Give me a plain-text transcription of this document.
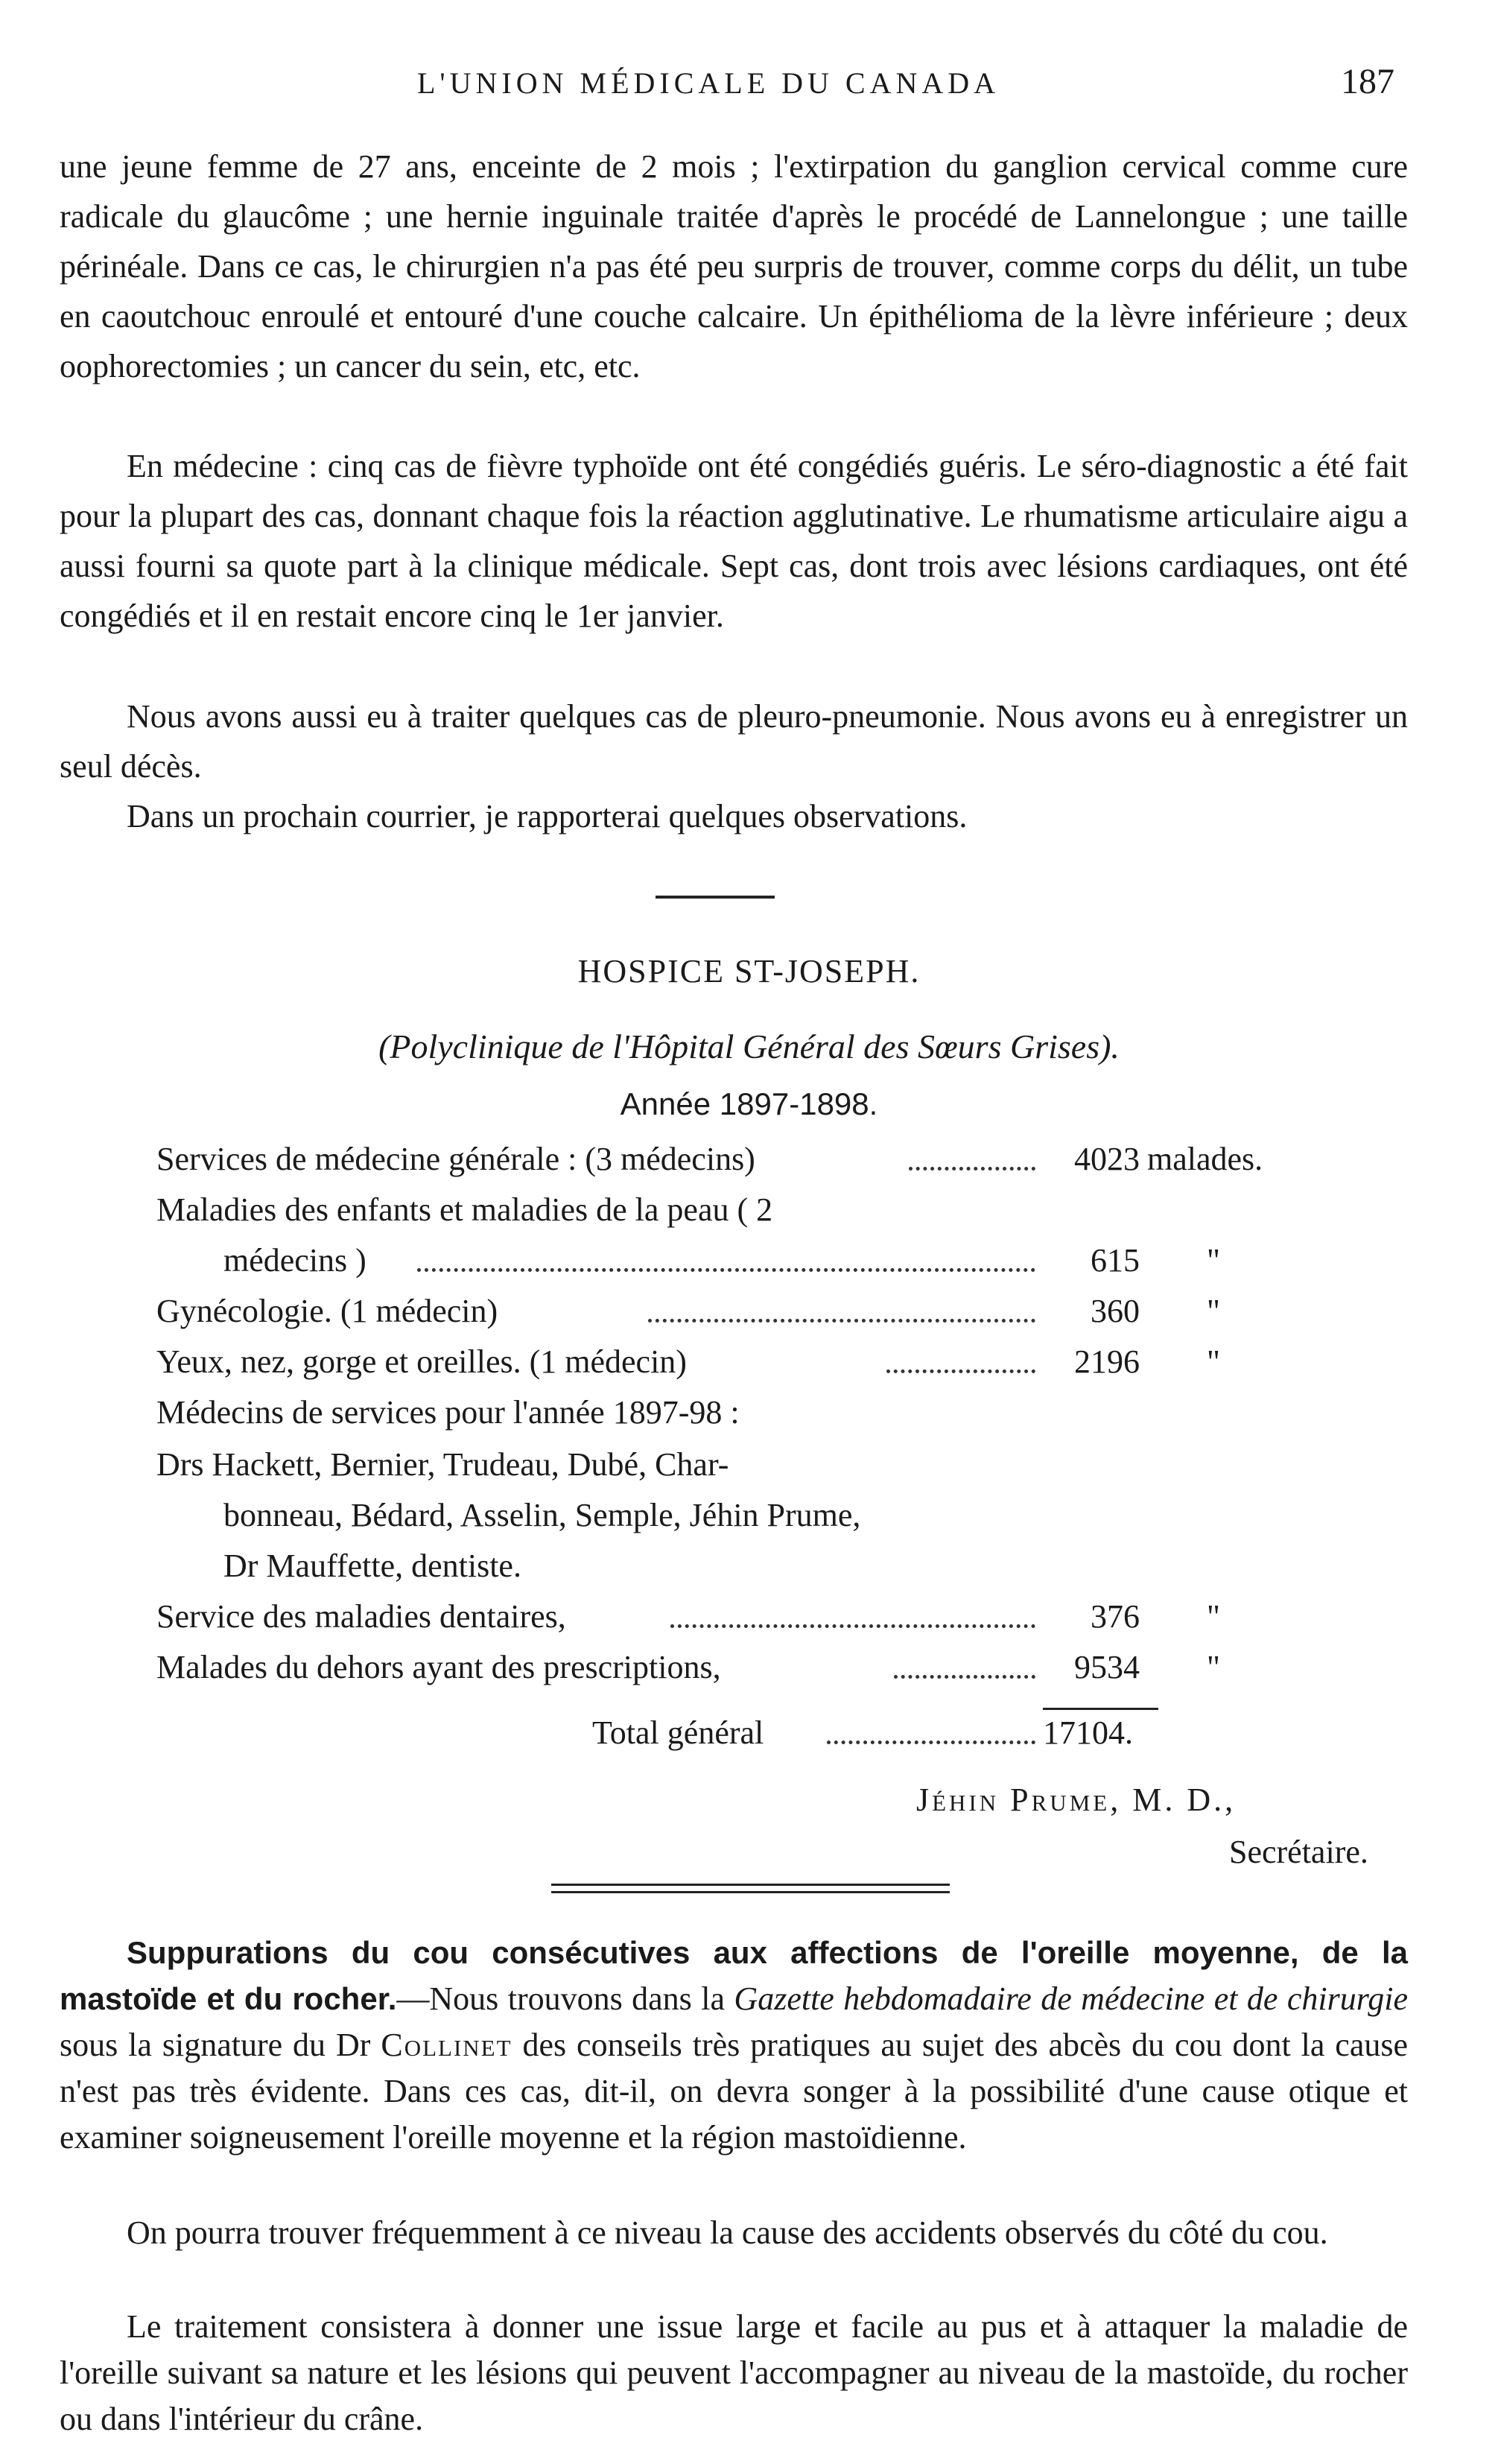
L'UNION MÉDICALE DU CANADA	187

une jeune femme de 27 ans, enceinte de 2 mois ; l'extirpation du ganglion cervical comme cure radicale du glaucôme ; une hernie inguinale traitée d'après le procédé de Lannelongue ; une taille périnéale. Dans ce cas, le chirurgien n'a pas été peu surpris de trouver, comme corps du délit, un tube en caoutchouc enroulé et entouré d'une couche calcaire. Un épithélioma de la lèvre inférieure ; deux oophorectomies ; un cancer du sein, etc, etc.

En médecine : cinq cas de fièvre typhoïde ont été congédiés guéris. Le séro-diagnostic a été fait pour la plupart des cas, donnant chaque fois la réaction agglutinative. Le rhumatisme articulaire aigu a aussi fourni sa quote part à la clinique médicale. Sept cas, dont trois avec lésions cardiaques, ont été congédiés et il en restait encore cinq le 1er janvier.

Nous avons aussi eu à traiter quelques cas de pleuro-pneumonie. Nous avons eu à enregistrer un seul décès.

Dans un prochain courrier, je rapporterai quelques observations.

HOSPICE ST-JOSEPH.
(Polyclinique de l'Hôpital Général des Sœurs Grises).
Année 1897-1898.
Services de médecine générale : (3 médecins)	4023 malades.
Maladies des enfants et maladies de la peau ( 2
médecins )	615 "
Gynécologie. (1 médecin)	360 "
Yeux, nez, gorge et oreilles. (1 médecin)	2196 "
Médecins de services pour l'année 1897-98 :
Drs Hackett, Bernier, Trudeau, Dubé, Char-
bonneau, Bédard, Asselin, Semple, Jéhin Prume,
Dr Mauffette, dentiste.
Service des maladies dentaires,	376 "
Malades du dehors ayant des prescriptions,	9534 "
Total général	17104.
Jéhin Prume, M. D.,
Secrétaire.

Suppurations du cou consécutives aux affections de l'oreille moyenne, de la mastoïde et du rocher.—Nous trouvons dans la Gazette hebdomadaire de médecine et de chirurgie sous la signature du Dr Collinet des conseils très pratiques au sujet des abcès du cou dont la cause n'est pas très évidente. Dans ces cas, dit-il, on devra songer à la possibilité d'une cause otique et examiner soigneusement l'oreille moyenne et la région mastoïdienne.

On pourra trouver fréquemment à ce niveau la cause des accidents observés du côté du cou.

Le traitement consistera à donner une issue large et facile au pus et à attaquer la maladie de l'oreille suivant sa nature et les lésions qui peuvent l'accompagner au niveau de la mastoïde, du rocher ou dans l'intérieur du crâne.
